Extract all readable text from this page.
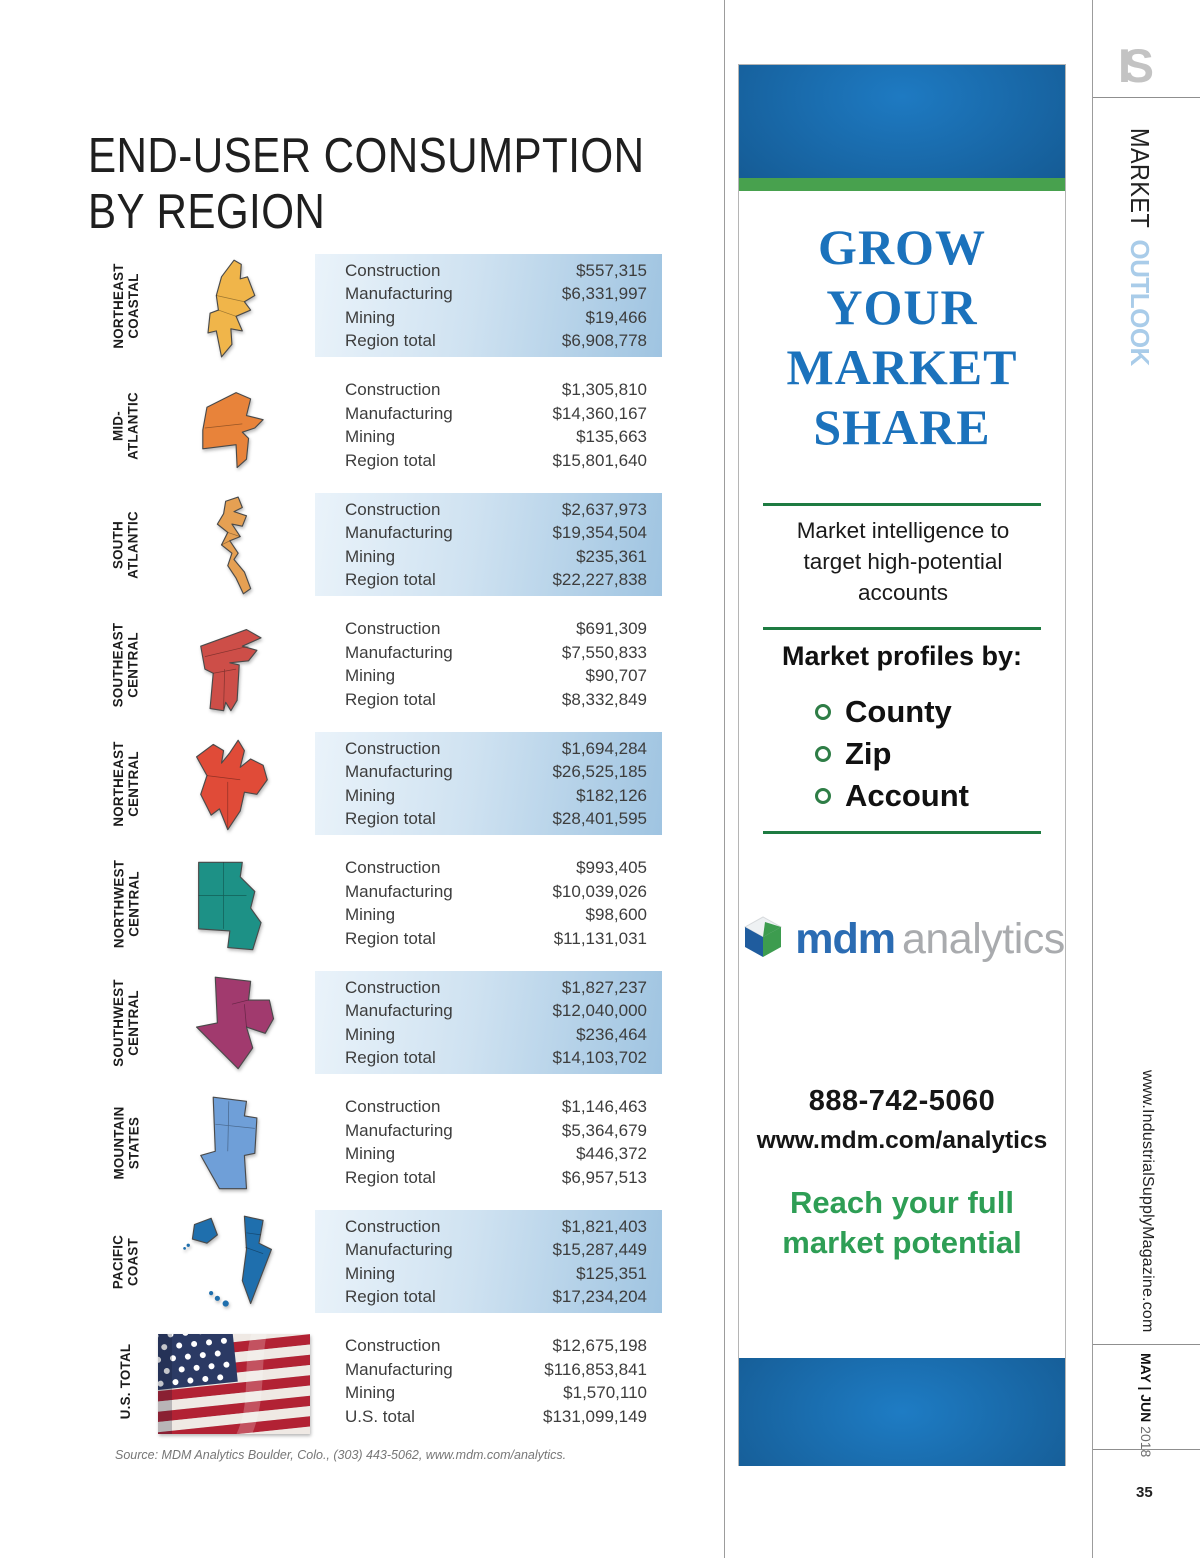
END-USER CONSUMPTION
BY REGION
NORTHEAST COASTAL
Construction	$557,315
Manufacturing	$6,331,997
Mining	$19,466
Region total	$6,908,778
MID- ATLANTIC
Construction	$1,305,810
Manufacturing	$14,360,167
Mining	$135,663
Region total	$15,801,640
SOUTH ATLANTIC
Construction	$2,637,973
Manufacturing	$19,354,504
Mining	$235,361
Region total	$22,227,838
SOUTHEAST CENTRAL
Construction	$691,309
Manufacturing	$7,550,833
Mining	$90,707
Region total	$8,332,849
NORTHEAST CENTRAL
Construction	$1,694,284
Manufacturing	$26,525,185
Mining	$182,126
Region total	$28,401,595
NORTHWEST CENTRAL
Construction	$993,405
Manufacturing	$10,039,026
Mining	$98,600
Region total	$11,131,031
SOUTHWEST CENTRAL
Construction	$1,827,237
Manufacturing	$12,040,000
Mining	$236,464
Region total	$14,103,702
MOUNTAIN STATES
Construction	$1,146,463
Manufacturing	$5,364,679
Mining	$446,372
Region total	$6,957,513
PACIFIC COAST
Construction	$1,821,403
Manufacturing	$15,287,449
Mining	$125,351
Region total	$17,234,204
U.S. TOTAL	Construction	$12,675,198
Manufacturing	$116,853,841
Mining	$1,570,110
U.S. total	$131,099,149
Source: MDM Analytics Boulder, Colo., (303) 443-5062, www.mdm.com/analytics.
GROW
YOUR
MARKET
SHARE
Market intelligence to target high-potential accounts
Market profiles by:
County
Zip
Account
mdm analytics
888-742-5060
www.mdm.com/analytics
Reach your full
market potential
IS
MARKETOUTLOOK
www.IndustrialSupplyMagazine.com
MAY | JUN 2018
35
